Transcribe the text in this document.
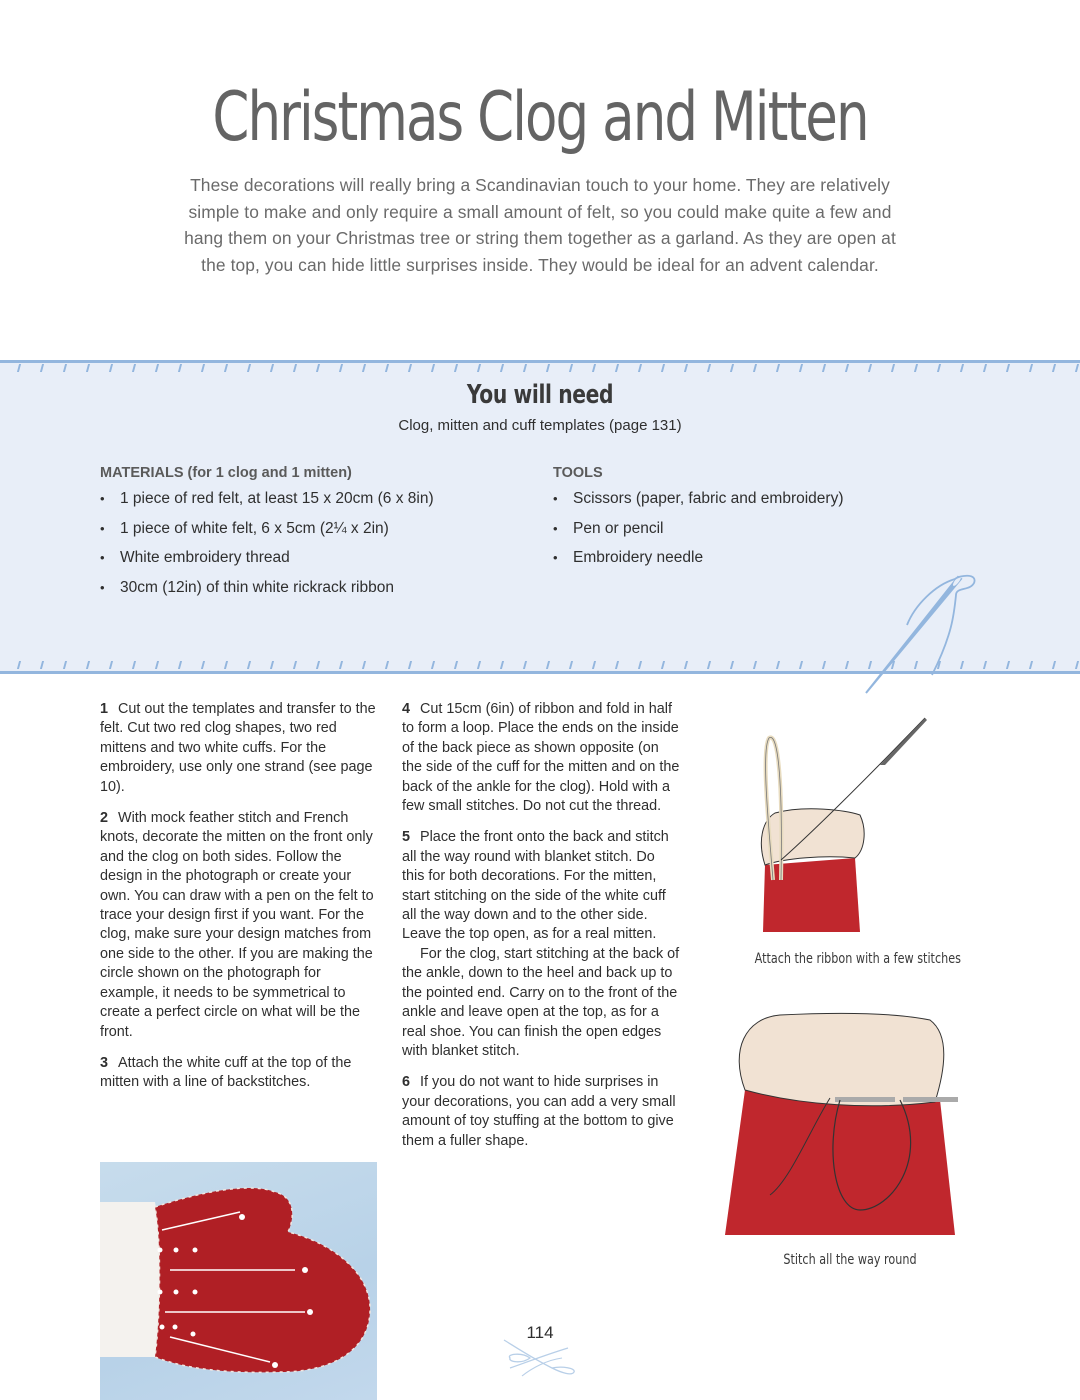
Christmas Clog and Mitten

These decorations will really bring a Scandinavian touch to your home. They are relatively simple to make and only require a small amount of felt, so you could make quite a few and hang them on your Christmas tree or string them together as a garland. As they are open at the top, you can hide little surprises inside. They would be ideal for an advent calendar.

You will need

Clog, mitten and cuff templates (page 131)

MATERIALS (for 1 clog and 1 mitten)
• 1 piece of red felt, at least 15 x 20cm (6 x 8in)
• 1 piece of white felt, 6 x 5cm (2¼ x 2in)
• White embroidery thread
• 30cm (12in) of thin white rickrack ribbon
TOOLS
• Scissors (paper, fabric and embroidery)
• Pen or pencil
• Embroidery needle

1 Cut out the templates and transfer to the felt. Cut two red clog shapes, two red mittens and two white cuffs. For the embroidery, use only one strand (see page 10).

2 With mock feather stitch and French knots, decorate the mitten on the front only and the clog on both sides. Follow the design in the photograph or create your own. You can draw with a pen on the felt to trace your design first if you want. For the clog, make sure your design matches from one side to the other. If you are making the circle shown on the photograph for example, it needs to be symmetrical to create a perfect circle on what will be the front.

3 Attach the white cuff at the top of the mitten with a line of backstitches.

4 Cut 15cm (6in) of ribbon and fold in half to form a loop. Place the ends on the inside of the back piece as shown opposite (on the side of the cuff for the mitten and on the back of the ankle for the clog). Hold with a few small stitches. Do not cut the thread.

5 Place the front onto the back and stitch all the way round with blanket stitch. Do this for both decorations. For the mitten, start stitching on the side of the white cuff all the way down and to the other side. Leave the top open, as for a real mitten.

For the clog, start stitching at the back of the ankle, down to the heel and back up to the pointed end. Carry on to the front of the ankle and leave open at the top, as for a real shoe. You can finish the open edges with blanket stitch.

6 If you do not want to hide surprises in your decorations, you can add a very small amount of toy stuffing at the bottom to give them a fuller shape.

Attach the ribbon with a few stitches
Stitch all the way round
114
